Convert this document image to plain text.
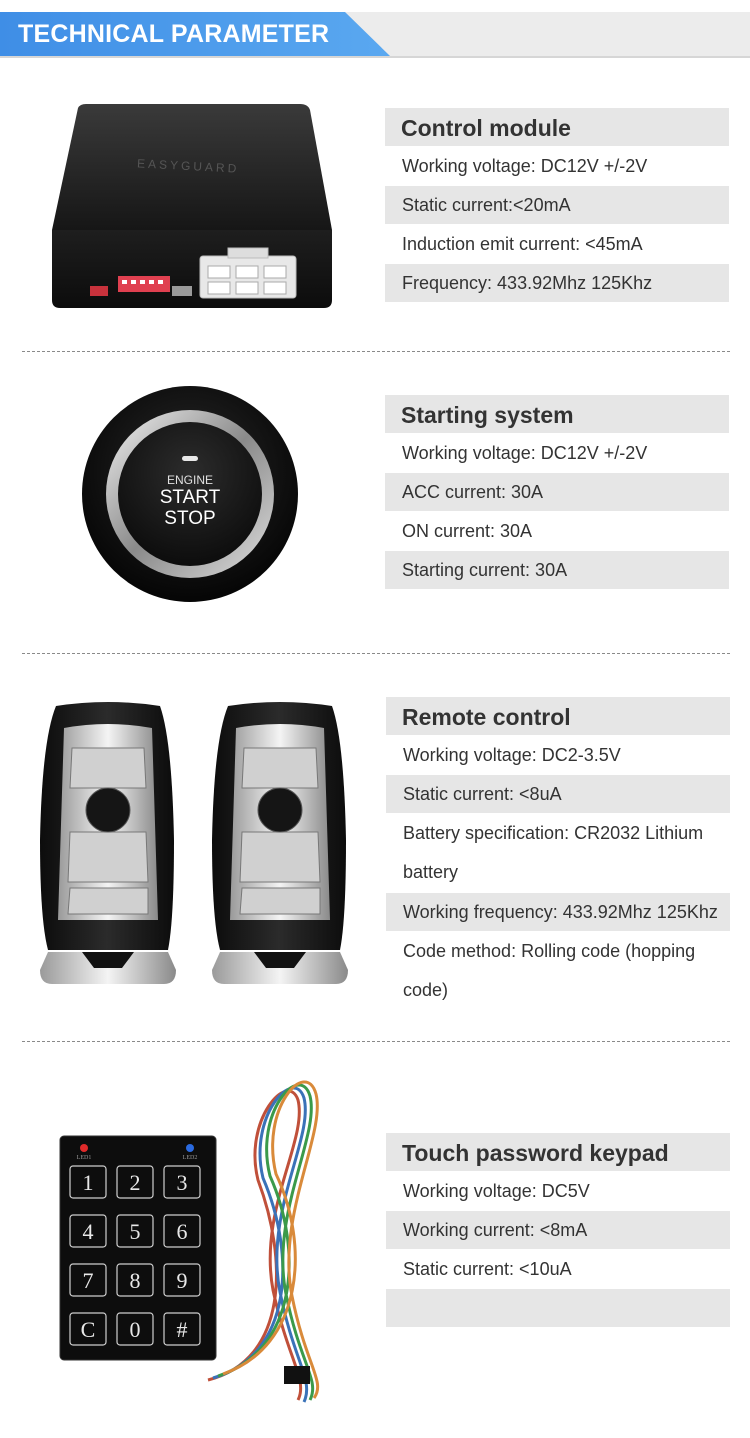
TECHNICAL PARAMETER
EASYGUARD
Control module
Working voltage: DC12V +/-2V
Static current:<20mA
Induction emit current: <45mA
Frequency: 433.92Mhz 125Khz
ENGINE
START
STOP
Starting system
Working voltage: DC12V +/-2V
ACC current: 30A
ON current: 30A
Starting current: 30A
Remote control
Working voltage: DC2-3.5V
Static current: <8uA
Battery specification: CR2032 Lithium battery
Working frequency: 433.92Mhz 125Khz
Code method: Rolling code (hopping code)
LED1	LED2
1 2 3
4 5 6
7 8 9
C 0 #
Touch password keypad
Working voltage: DC5V
Working current: <8mA
Static current: <10uA
